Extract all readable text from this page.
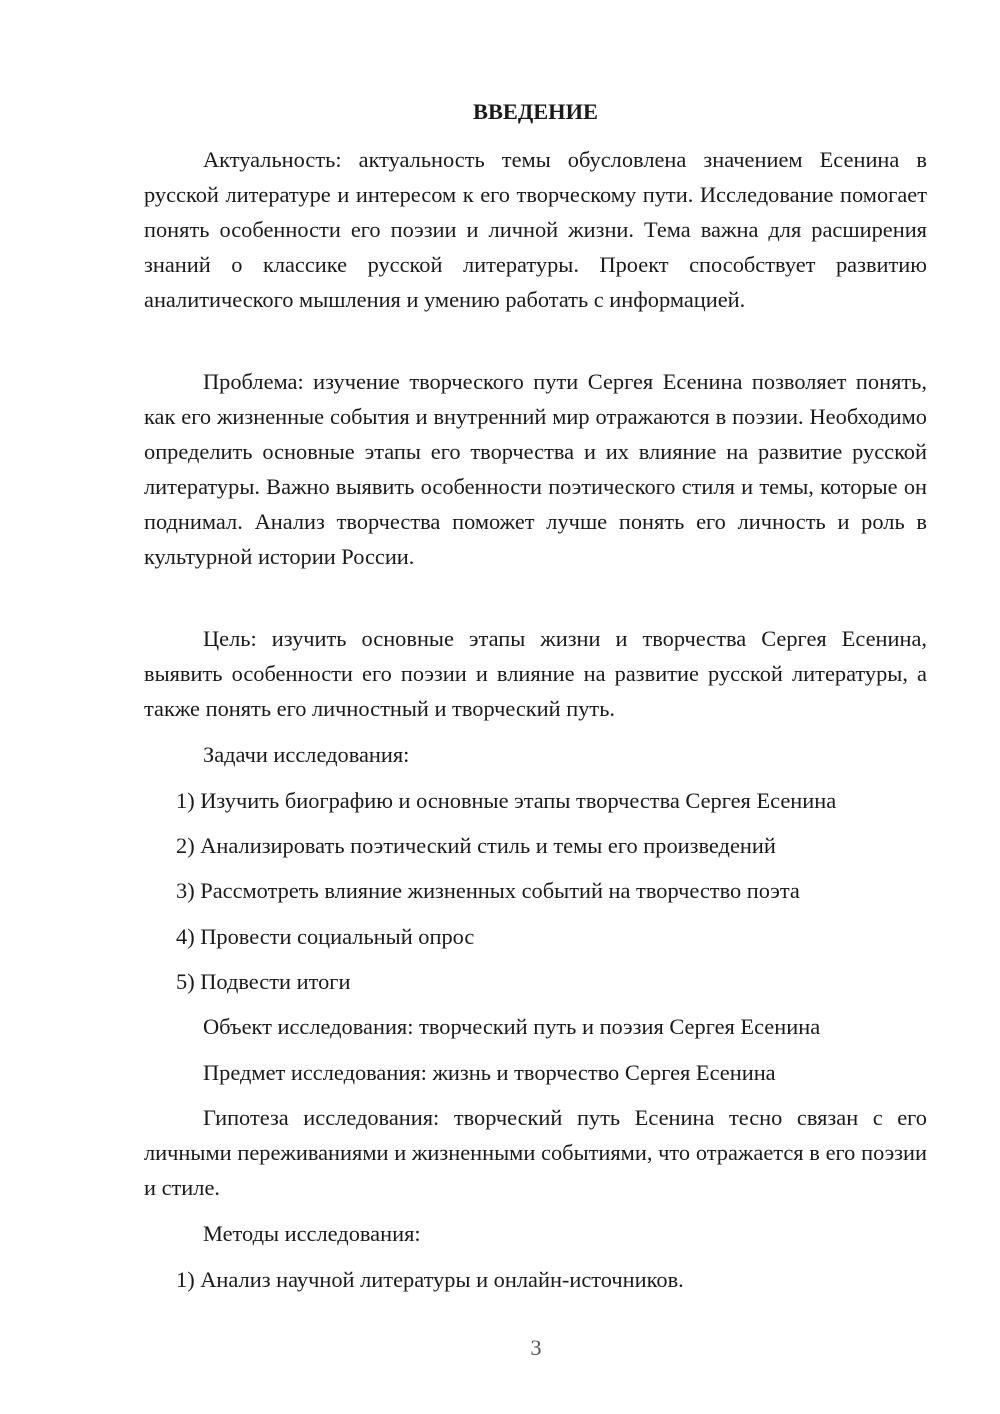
ВВЕДЕНИЕ

Актуальность: актуальность темы обусловлена значением Есенина в русской литературе и интересом к его творческому пути. Исследование помогает понять особенности его поэзии и личной жизни. Тема важна для расширения знаний о классике русской литературы. Проект способствует развитию аналитического мышления и умению работать с информацией.

Проблема: изучение творческого пути Сергея Есенина позволяет понять, как его жизненные события и внутренний мир отражаются в поэзии. Необходимо определить основные этапы его творчества и их влияние на развитие русской литературы. Важно выявить особенности поэтического стиля и темы, которые он поднимал. Анализ творчества поможет лучше понять его личность и роль в культурной истории России.

Цель: изучить основные этапы жизни и творчества Сергея Есенина, выявить особенности его поэзии и влияние на развитие русской литературы, а также понять его личностный и творческий путь.

Задачи исследования:

1) Изучить биографию и основные этапы творчества Сергея Есенина

2) Анализировать поэтический стиль и темы его произведений

3) Рассмотреть влияние жизненных событий на творчество поэта

4) Провести социальный опрос

5) Подвести итоги

Объект исследования: творческий путь и поэзия Сергея Есенина

Предмет исследования: жизнь и творчество Сергея Есенина

Гипотеза исследования: творческий путь Есенина тесно связан с его личными переживаниями и жизненными событиями, что отражается в его поэзии и стиле.

Методы исследования:

1) Анализ научной литературы и онлайн-источников.

3
